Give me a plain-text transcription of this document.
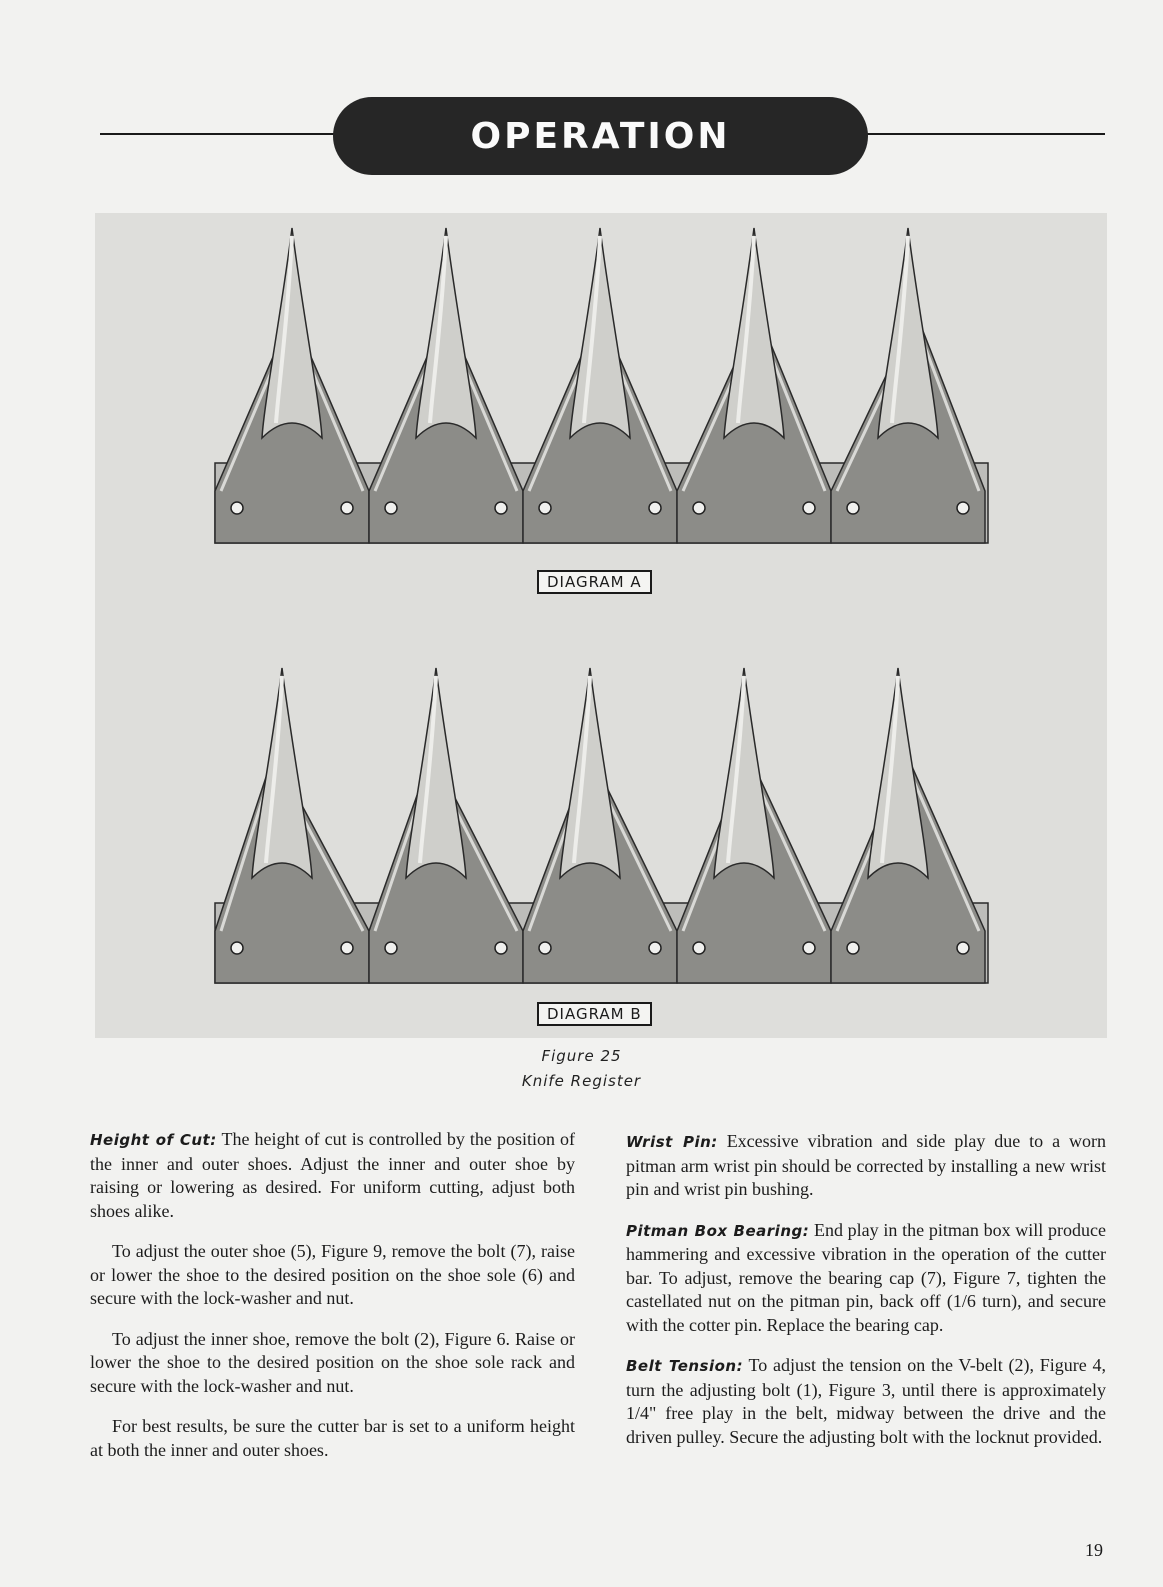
OPERATION
DIAGRAM A
DIAGRAM B
Figure 25
Knife Register

Height of Cut: The height of cut is controlled by the position of the inner and outer shoes. Adjust the inner and outer shoe by raising or lowering as desired. For uniform cutting, adjust both shoes alike.

To adjust the outer shoe (5), Figure 9, remove the bolt (7), raise or lower the shoe to the desired position on the shoe sole (6) and secure with the lock-washer and nut.

To adjust the inner shoe, remove the bolt (2), Figure 6. Raise or lower the shoe to the desired position on the shoe sole rack and secure with the lock-washer and nut.

For best results, be sure the cutter bar is set to a uniform height at both the inner and outer shoes.

Wrist Pin: Excessive vibration and side play due to a worn pitman arm wrist pin should be corrected by installing a new wrist pin and wrist pin bushing.

Pitman Box Bearing: End play in the pitman box will produce hammering and excessive vibration in the operation of the cutter bar. To adjust, remove the bearing cap (7), Figure 7, tighten the castellated nut on the pitman pin, back off (1/6 turn), and secure with the cotter pin. Replace the bearing cap.

Belt Tension: To adjust the tension on the V-belt (2), Figure 4, turn the adjusting bolt (1), Figure 3, until there is approximately 1/4" free play in the belt, midway between the drive and the driven pulley. Secure the adjusting bolt with the locknut provided.

19
